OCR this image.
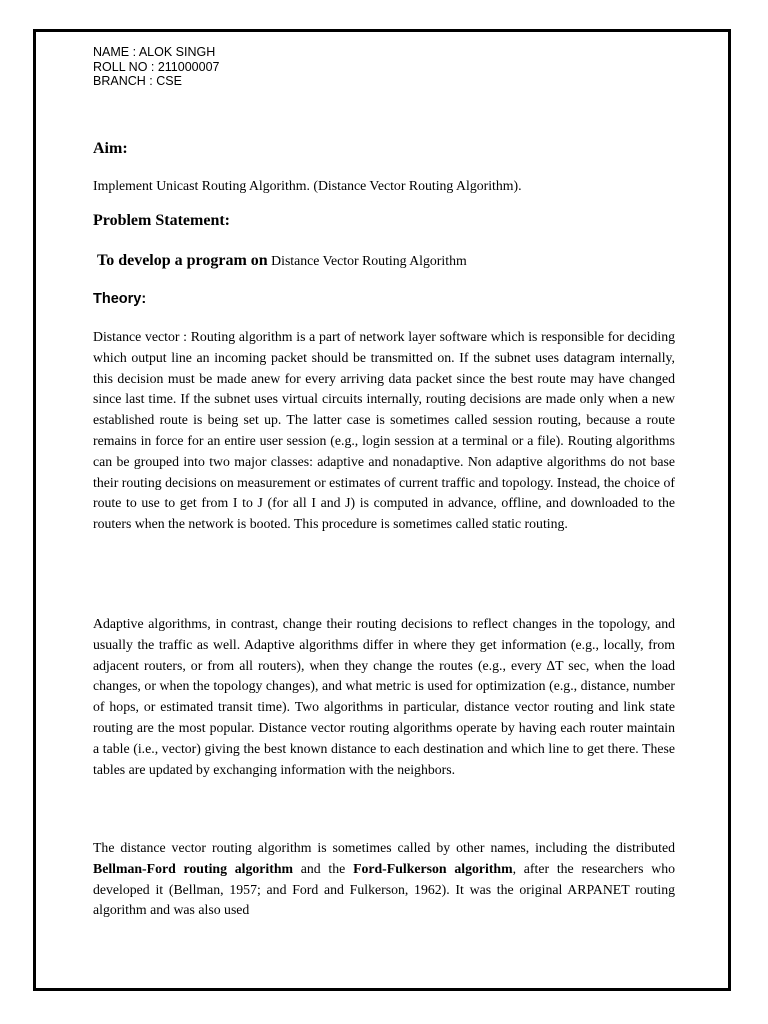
NAME : ALOK SINGH
ROLL NO : 211000007
BRANCH : CSE
Aim:
Implement Unicast Routing Algorithm. (Distance Vector Routing Algorithm).
Problem Statement:
To develop a program on Distance Vector Routing Algorithm
Theory:

Distance vector : Routing algorithm is a part of network layer software which is responsible for deciding which output line an incoming packet should be transmitted on. If the subnet uses datagram internally, this decision must be made anew for every arriving data packet since the best route may have changed since last time. If the subnet uses virtual circuits internally, routing decisions are made only when a new established route is being set up. The latter case is sometimes called session routing, because a route remains in force for an entire user session (e.g., login session at a terminal or a file). Routing algorithms can be grouped into two major classes: adaptive and nonadaptive. Non adaptive algorithms do not base their routing decisions on measurement or estimates of current traffic and topology. Instead, the choice of route to use to get from I to J (for all I and J) is computed in advance, offline, and downloaded to the routers when the network is booted. This procedure is sometimes called static routing.

Adaptive algorithms, in contrast, change their routing decisions to reflect changes in the topology, and usually the traffic as well. Adaptive algorithms differ in where they get information (e.g., locally, from adjacent routers, or from all routers), when they change the routes (e.g., every ∆T sec, when the load changes, or when the topology changes), and what metric is used for optimization (e.g., distance, number of hops, or estimated transit time). Two algorithms in particular, distance vector routing and link state routing are the most popular. Distance vector routing algorithms operate by having each router maintain a table (i.e., vector) giving the best known distance to each destination and which line to get there. These tables are updated by exchanging information with the neighbors.

The distance vector routing algorithm is sometimes called by other names, including the distributed Bellman-Ford routing algorithm and the Ford-Fulkerson algorithm, after the researchers who developed it (Bellman, 1957; and Ford and Fulkerson, 1962). It was the original ARPANET routing algorithm and was also used
